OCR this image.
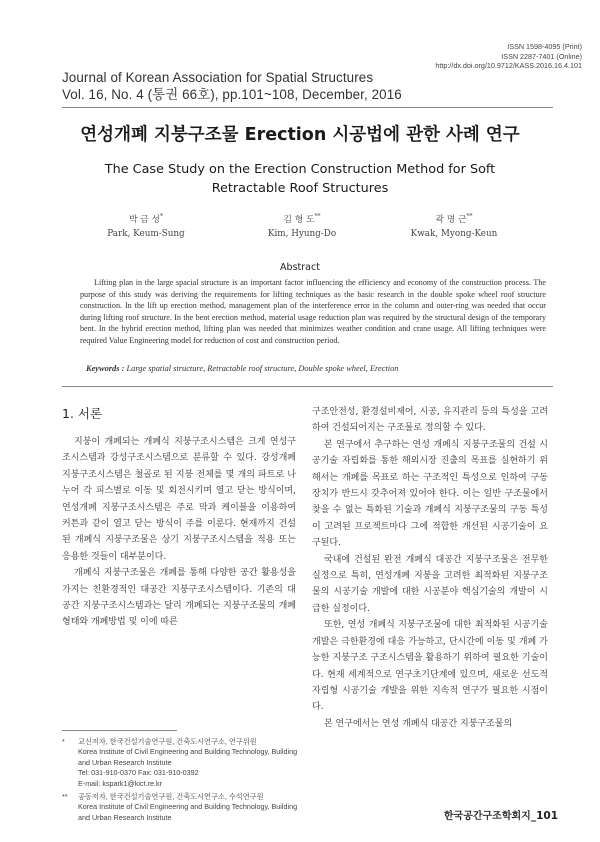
ISSN 1598-4095 (Print)
ISSN 2287-7401 (Online)
http://dx.doi.org/10.9712/KASS.2016.16.4.101
Journal of Korean Association for Spatial Structures
Vol. 16, No. 4 (통권 66호), pp.101~108, December, 2016
연성개폐 지붕구조물 Erection 시공법에 관한 사례 연구
The Case Study on the Erection Construction Method for Soft
Retractable Roof Structures
박 금 성*
Park, Keum-Sung
김 형 도**
Kim, Hyung-Do
곽 명 근**
Kwak, Myong-Keun
Abstract

Lifting plan in the large spacial structure is an important factor influencing the efficiency and economy of the construction process. The purpose of this study was deriving the requirements for lifting techniques as the basic research in the double spoke wheel roof structure construction. In the lift up erection method, management plan of the interference error in the column and outer-ring was needed that occur during lifting roof structure. In the bent erection method, material usage reduction plan was required by the structural design of the temporary bent. In the hybrid erection method, lifting plan was needed that minimizes weather condition and crane usage. All lifting techniques were required Value Engineering model for reduction of cost and construction period.

Keywords : Large spatial structure, Retractable roof structure, Double spoke wheel, Erection
1. 서론

지붕이 개폐되는 개폐식 지붕구조시스템은 크게 연성구조시스템과 강성구조시스템으로 분류할 수 있다. 강성개폐 지붕구조시스템은 철골로 된 지붕 전체를 몇 개의 파트로 나누어 각 피스별로 이동 및 회전시키며 열고 닫는 방식이며, 연성개폐 지붕구조시스템은 주로 막과 케이블을 이용하여 커튼과 같이 열고 닫는 방식이 주를 이룬다. 현재까지 건설된 개폐식 지붕구조물은 상기 지붕구조시스템을 적용 또는 응용한 것들이 대부분이다.

개폐식 지붕구조물은 개폐를 통해 다양한 공간 활용성을 가지는 친환경적인 대공간 지붕구조시스템이다. 기존의 대공간 지붕구조시스템과는 달리 개폐되는 지붕구조물의 개폐 형태와 개폐방법 및 이에 따른

구조안전성, 환경설비제어, 시공, 유지관리 등의 특성을 고려하여 건설되어지는 구조물로 정의할 수 있다.

본 연구에서 추구하는 연성 개폐식 지붕구조물의 건설 시공기술 자립화를 통한 해외시장 진출의 목표를 실현하기 위해서는 개폐를 목표로 하는 구조적인 특성으로 인하여 구동장치가 반드시 갖추어져 있어야 한다. 이는 일반 구조물에서 찾을 수 없는 특화된 기술과 개폐식 지붕구조물의 구동 특성이 고려된 프로젝트마다 그에 적합한 개선된 시공기술이 요구된다.

국내에 건설된 완전 개폐식 대공간 지붕구조물은 전무한 실정으로 특히, 연성개폐 지붕을 고려한 최적화된 지붕구조물의 시공기술 개발에 대한 시공분야 핵심기술의 개발이 시급한 실정이다.

또한, 연성 개폐식 지붕구조물에 대한 최적화된 시공기술 개발은 극한환경에 대응 가능하고, 단시간에 이동 및 개폐 가능한 지붕구조 구조시스템을 활용하기 위하여 필요한 기술이다. 현재 세계적으로 연구초기단계에 있으며, 새로운 선도적 자립형 시공기술 개발을 위한 지속적 연구가 필요한 시점이다.

본 연구에서는 연성 개폐식 대공간 지붕구조물의

* 교신저자, 한국건설기술연구원, 건축도시연구소, 연구위원
Korea Institute of Civil Engineering and Building Technology, Building and Urban Research Institute
Tel: 031-910-0370 Fax: 031-910-0392
E-mail: kspark1@kict.re.kr
** 공동저자, 한국건설기술연구원, 건축도시연구소, 수석연구원
Korea Institute of Civil Engineering and Building Technology, Building and Urban Research Institute	한국공간구조학회지_101
